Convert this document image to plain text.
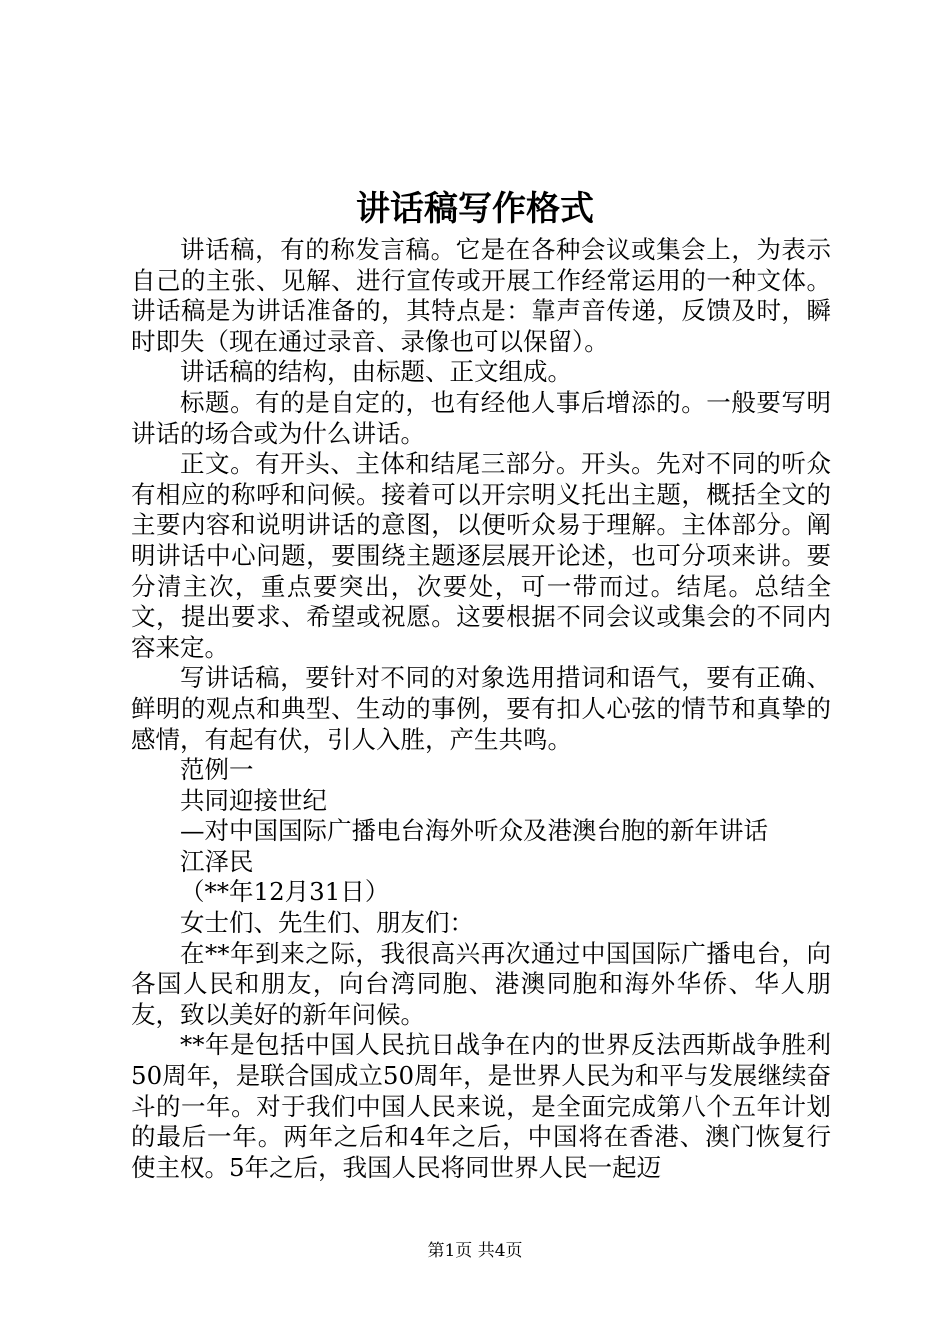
讲话稿写作格式

讲话稿，有的称发言稿。它是在各种会议或集会上，为表示自己的主张、见解、进行宣传或开展工作经常运用的一种文体。讲话稿是为讲话准备的，其特点是：靠声音传递，反馈及时，瞬时即失（现在通过录音、录像也可以保留）。

讲话稿的结构，由标题、正文组成。

标题。有的是自定的，也有经他人事后增添的。一般要写明讲话的场合或为什么讲话。

正文。有开头、主体和结尾三部分。开头。先对不同的听众有相应的称呼和问候。接着可以开宗明义托出主题，概括全文的主要内容和说明讲话的意图，以便听众易于理解。主体部分。阐明讲话中心问题，要围绕主题逐层展开论述，也可分项来讲。要分清主次，重点要突出，次要处，可一带而过。结尾。总结全文，提出要求、希望或祝愿。这要根据不同会议或集会的不同内容来定。

写讲话稿，要针对不同的对象选用措词和语气，要有正确、鲜明的观点和典型、生动的事例，要有扣人心弦的情节和真挚的感情，有起有伏，引人入胜，产生共鸣。

范例一

共同迎接世纪

—对中国国际广播电台海外听众及港澳台胞的新年讲话

江泽民

（**年12月31日）

女士们、先生们、朋友们：

在**年到来之际，我很高兴再次通过中国国际广播电台，向各国人民和朋友，向台湾同胞、港澳同胞和海外华侨、华人朋友，致以美好的新年问候。

**年是包括中国人民抗日战争在内的世界反法西斯战争胜利50周年，是联合国成立50周年，是世界人民为和平与发展继续奋斗的一年。对于我们中国人民来说，是全面完成第八个五年计划的最后一年。两年之后和4年之后，中国将在香港、澳门恢复行使主权。5年之后，我国人民将同世界人民一起迈

第1页 共4页
